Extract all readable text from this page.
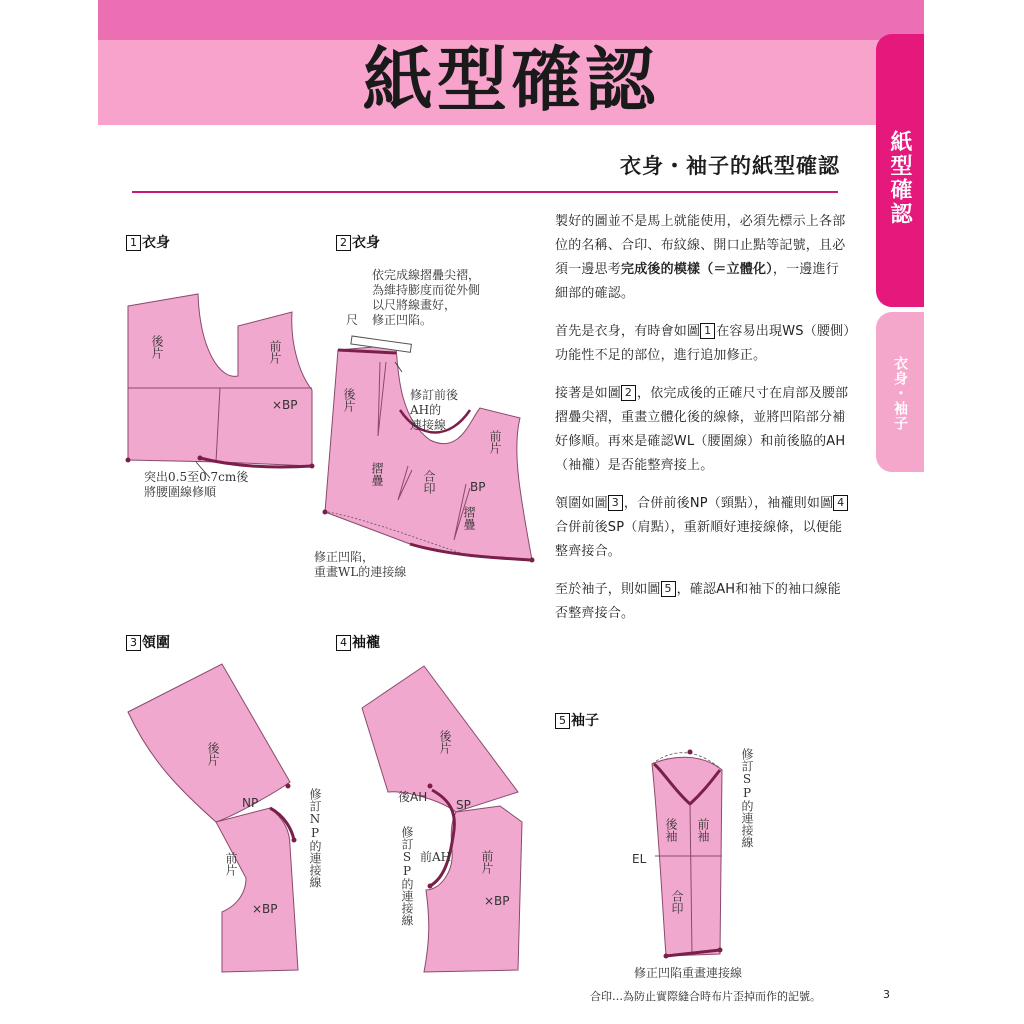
紙型確認
紙型確認
衣身・袖子
衣身・袖子的紙型確認

製好的圖並不是馬上就能使用，必須先標示上各部位的名稱、合印、布紋線、開口止點等記號，且必須一邊思考完成後的模樣（＝立體化），一邊進行細部的確認。

首先是衣身，有時會如圖 1 在容易出現WS（腰側）功能性不足的部位，進行追加修正。

接著是如圖 2 ，依完成後的正確尺寸在肩部及腰部摺疊尖褶，重畫立體化後的線條，並將凹陷部分補好修順。再來是確認WL（腰圍線）和前後脇的AH（袖襱）是否能整齊接上。

領圍如圖 3 ，合併前後NP（頸點），袖襱則如圖 4合併前後SP（肩點），重新順好連接線條，以便能整齊接合。

至於袖子，則如圖 5 ，確認AH和袖下的袖口線能否整齊接合。

1 衣身	2 衣身
3 領圍	4 袖襱
5 袖子
後片	前片
×BP
突出0.5至0.7cm後
將腰圍線修順
依完成線摺疊尖褶，
為維持膨度而從外側
以尺將線畫好，
修正凹陷。
尺
後片
前片
修訂前後
AH的
連接線
摺疊
摺疊
合印	BP
修正凹陷，
重畫WL的連接線
後片
NP	修訂NP的連接線
前片
×BP
後片
後AH
SP
修訂SP的連接線 前AH 前片
×BP
後袖 前袖
EL
合印
修訂SP的連接線
修正凹陷重畫連接線
合印…為防止實際縫合時布片歪掉而作的記號。	3
